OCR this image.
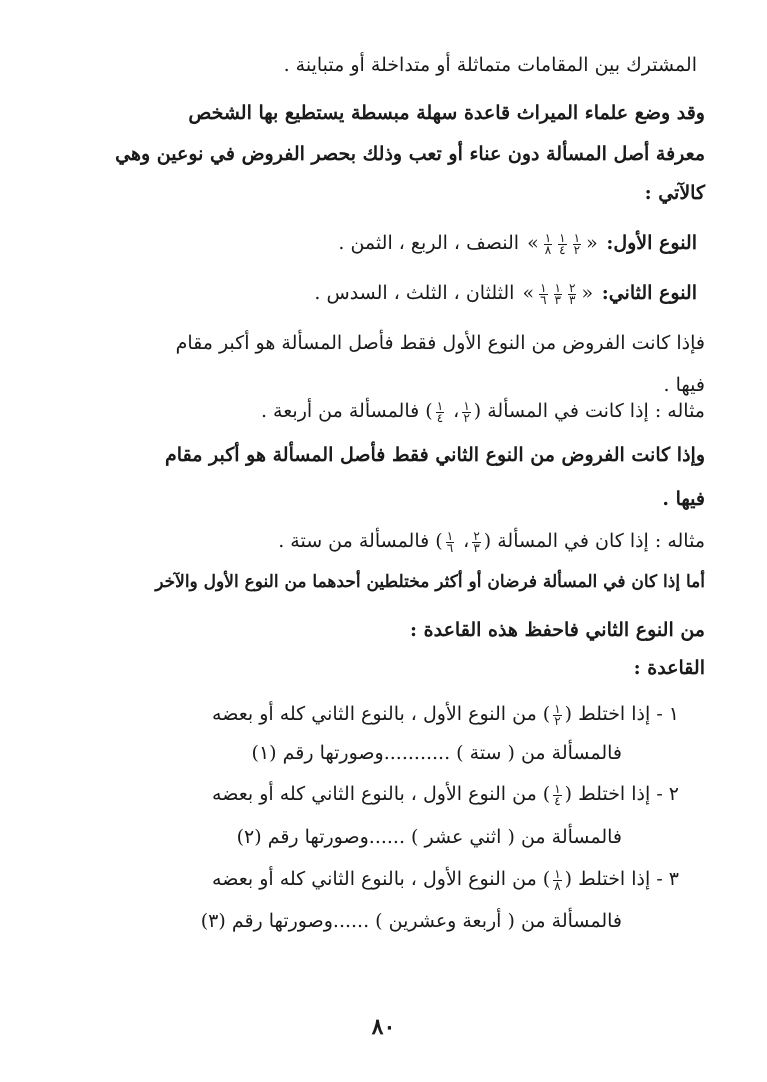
المشترك بين المقامات متماثلة أو متداخلة أو متباينة .
وقد وضع علماء الميراث قاعدة سهلة مبسطة يستطيع بها الشخص
معرفة أصل المسألة دون عناء أو تعب وذلك بحصر الفروض في نوعين وهي
كالآتي :
النوع الأول: «
$\frac{١}{٢}$
$\frac{١}{٤}$
$\frac{١}{٨}$
» النصف ، الربع ، الثمن .
النوع الثاني: «
$\frac{٢}{٣}$
$\frac{١}{٣}$
$\frac{١}{٦}$
» الثلثان ، الثلث ، السدس .
فإذا كانت الفروض من النوع الأول فقط فأصل المسألة هو أكبر مقام
فيها .
مثاله : إذا كانت في المسألة (
$\frac{١}{٢}$
،
$\frac{١}{٤}$
) فالمسألة من أربعة .
وإذا كانت الفروض من النوع الثاني فقط فأصل المسألة هو أكبر مقام
فيها .
مثاله : إذا كان في المسألة (
$\frac{٢}{٣}$
،
$\frac{١}{٦}$
) فالمسألة من ستة .
أما إذا كان في المسألة فرضان أو أكثر مختلطين أحدهما من النوع الأول والآخر
من النوع الثاني فاحفظ هذه القاعدة :
القاعدة :
١ - إذا اختلط (
$\frac{١}{٢}$
) من النوع الأول ، بالنوع الثاني كله أو بعضه
فالمسألة من ( ستة ) ...........وصورتها رقم (١)
٢ - إذا اختلط (
$\frac{١}{٤}$
) من النوع الأول ، بالنوع الثاني كله أو بعضه
فالمسألة من ( اثني عشر ) ......وصورتها رقم (٢)
٣ - إذا اختلط (
$\frac{١}{٨}$
) من النوع الأول ، بالنوع الثاني كله أو بعضه
فالمسألة من ( أربعة وعشرين ) ......وصورتها رقم (٣)
٨٠
